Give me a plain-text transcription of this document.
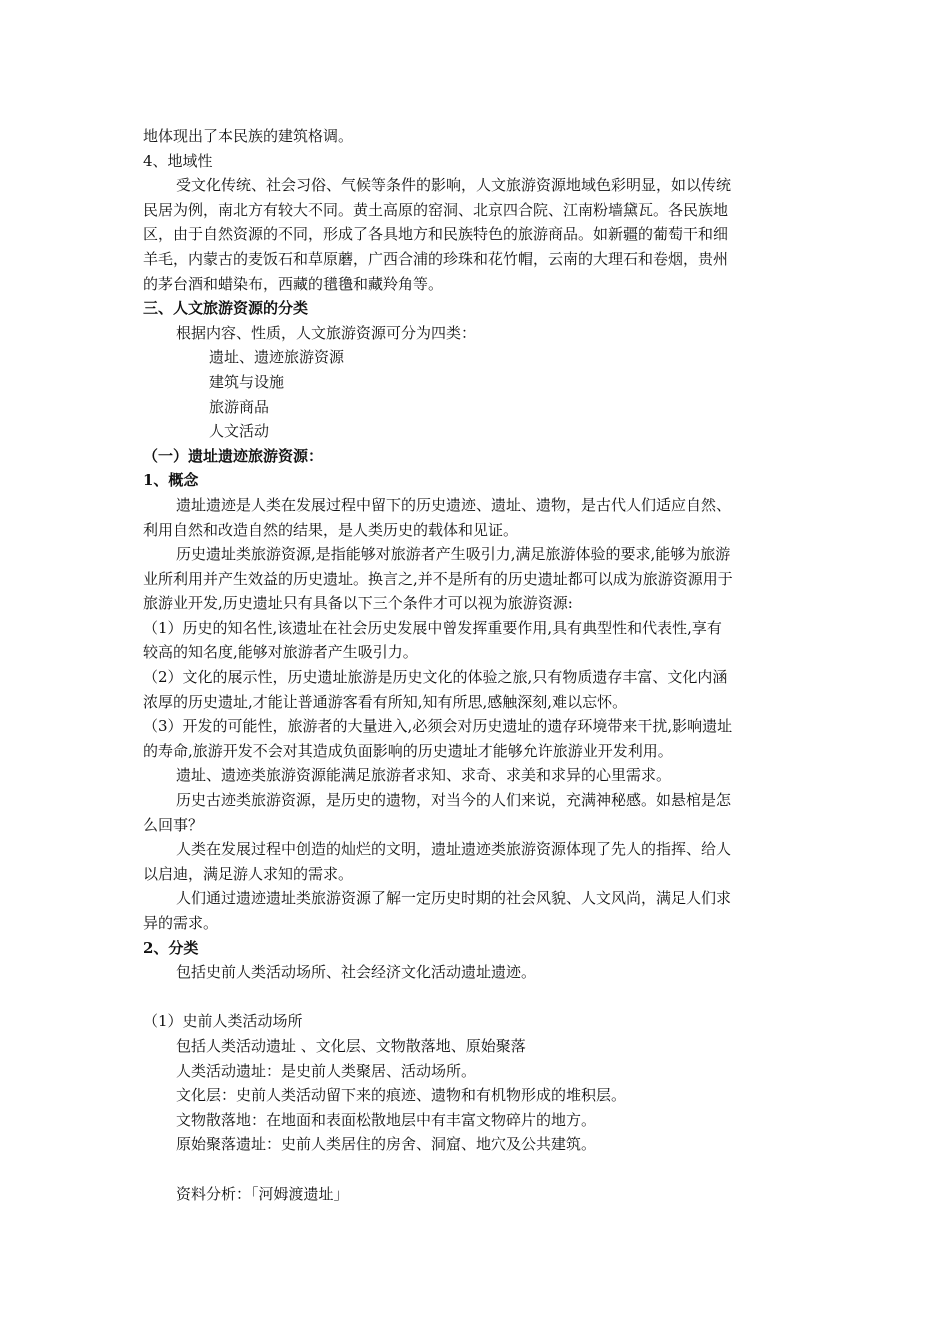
地体现出了本民族的建筑格调。
4、地域性
受文化传统、社会习俗、气候等条件的影响，人文旅游资源地域色彩明显，如以传统
民居为例，南北方有较大不同。黄土高原的窑洞、北京四合院、江南粉墙黛瓦。各民族地
区，由于自然资源的不同，形成了各具地方和民族特色的旅游商品。如新疆的葡萄干和细
羊毛，内蒙古的麦饭石和草原蘑，广西合浦的珍珠和花竹帽，云南的大理石和卷烟，贵州
的茅台酒和蜡染布，西藏的氆氇和藏羚角等。
三、人文旅游资源的分类
根据内容、性质，人文旅游资源可分为四类：
遗址、遗迹旅游资源
建筑与设施
旅游商品
人文活动
（一）遗址遗迹旅游资源：
1、概念
遗址遗迹是人类在发展过程中留下的历史遗迹、遗址、遗物，是古代人们适应自然、
利用自然和改造自然的结果，是人类历史的载体和见证。
历史遗址类旅游资源,是指能够对旅游者产生吸引力,满足旅游体验的要求,能够为旅游
业所利用并产生效益的历史遗址。换言之,并不是所有的历史遗址都可以成为旅游资源用于
旅游业开发,历史遗址只有具备以下三个条件才可以视为旅游资源:
（1）历史的知名性,该遗址在社会历史发展中曾发挥重要作用,具有典型性和代表性,享有
较高的知名度,能够对旅游者产生吸引力。
（2）文化的展示性，历史遗址旅游是历史文化的体验之旅,只有物质遗存丰富、文化内涵
浓厚的历史遗址,才能让普通游客看有所知,知有所思,感触深刻,难以忘怀。
（3）开发的可能性，旅游者的大量进入,必须会对历史遗址的遗存环境带来干扰,影响遗址
的寿命,旅游开发不会对其造成负面影响的历史遗址才能够允许旅游业开发利用。
遗址、遗迹类旅游资源能满足旅游者求知、求奇、求美和求异的心里需求。
历史古迹类旅游资源，是历史的遗物，对当今的人们来说，充满神秘感。如悬棺是怎
么回事？
人类在发展过程中创造的灿烂的文明，遗址遗迹类旅游资源体现了先人的指挥、给人
以启迪，满足游人求知的需求。
人们通过遗迹遗址类旅游资源了解一定历史时期的社会风貌、人文风尚，满足人们求
异的需求。
2、分类
包括史前人类活动场所、社会经济文化活动遗址遗迹。
（1）史前人类活动场所
包括人类活动遗址 、文化层、文物散落地、原始聚落
人类活动遗址：是史前人类聚居、活动场所。
文化层：史前人类活动留下来的痕迹、遗物和有机物形成的堆积层。
文物散落地：在地面和表面松散地层中有丰富文物碎片的地方。
原始聚落遗址：史前人类居住的房舍、洞窟、地穴及公共建筑。
资料分析：「河姆渡遗址」
